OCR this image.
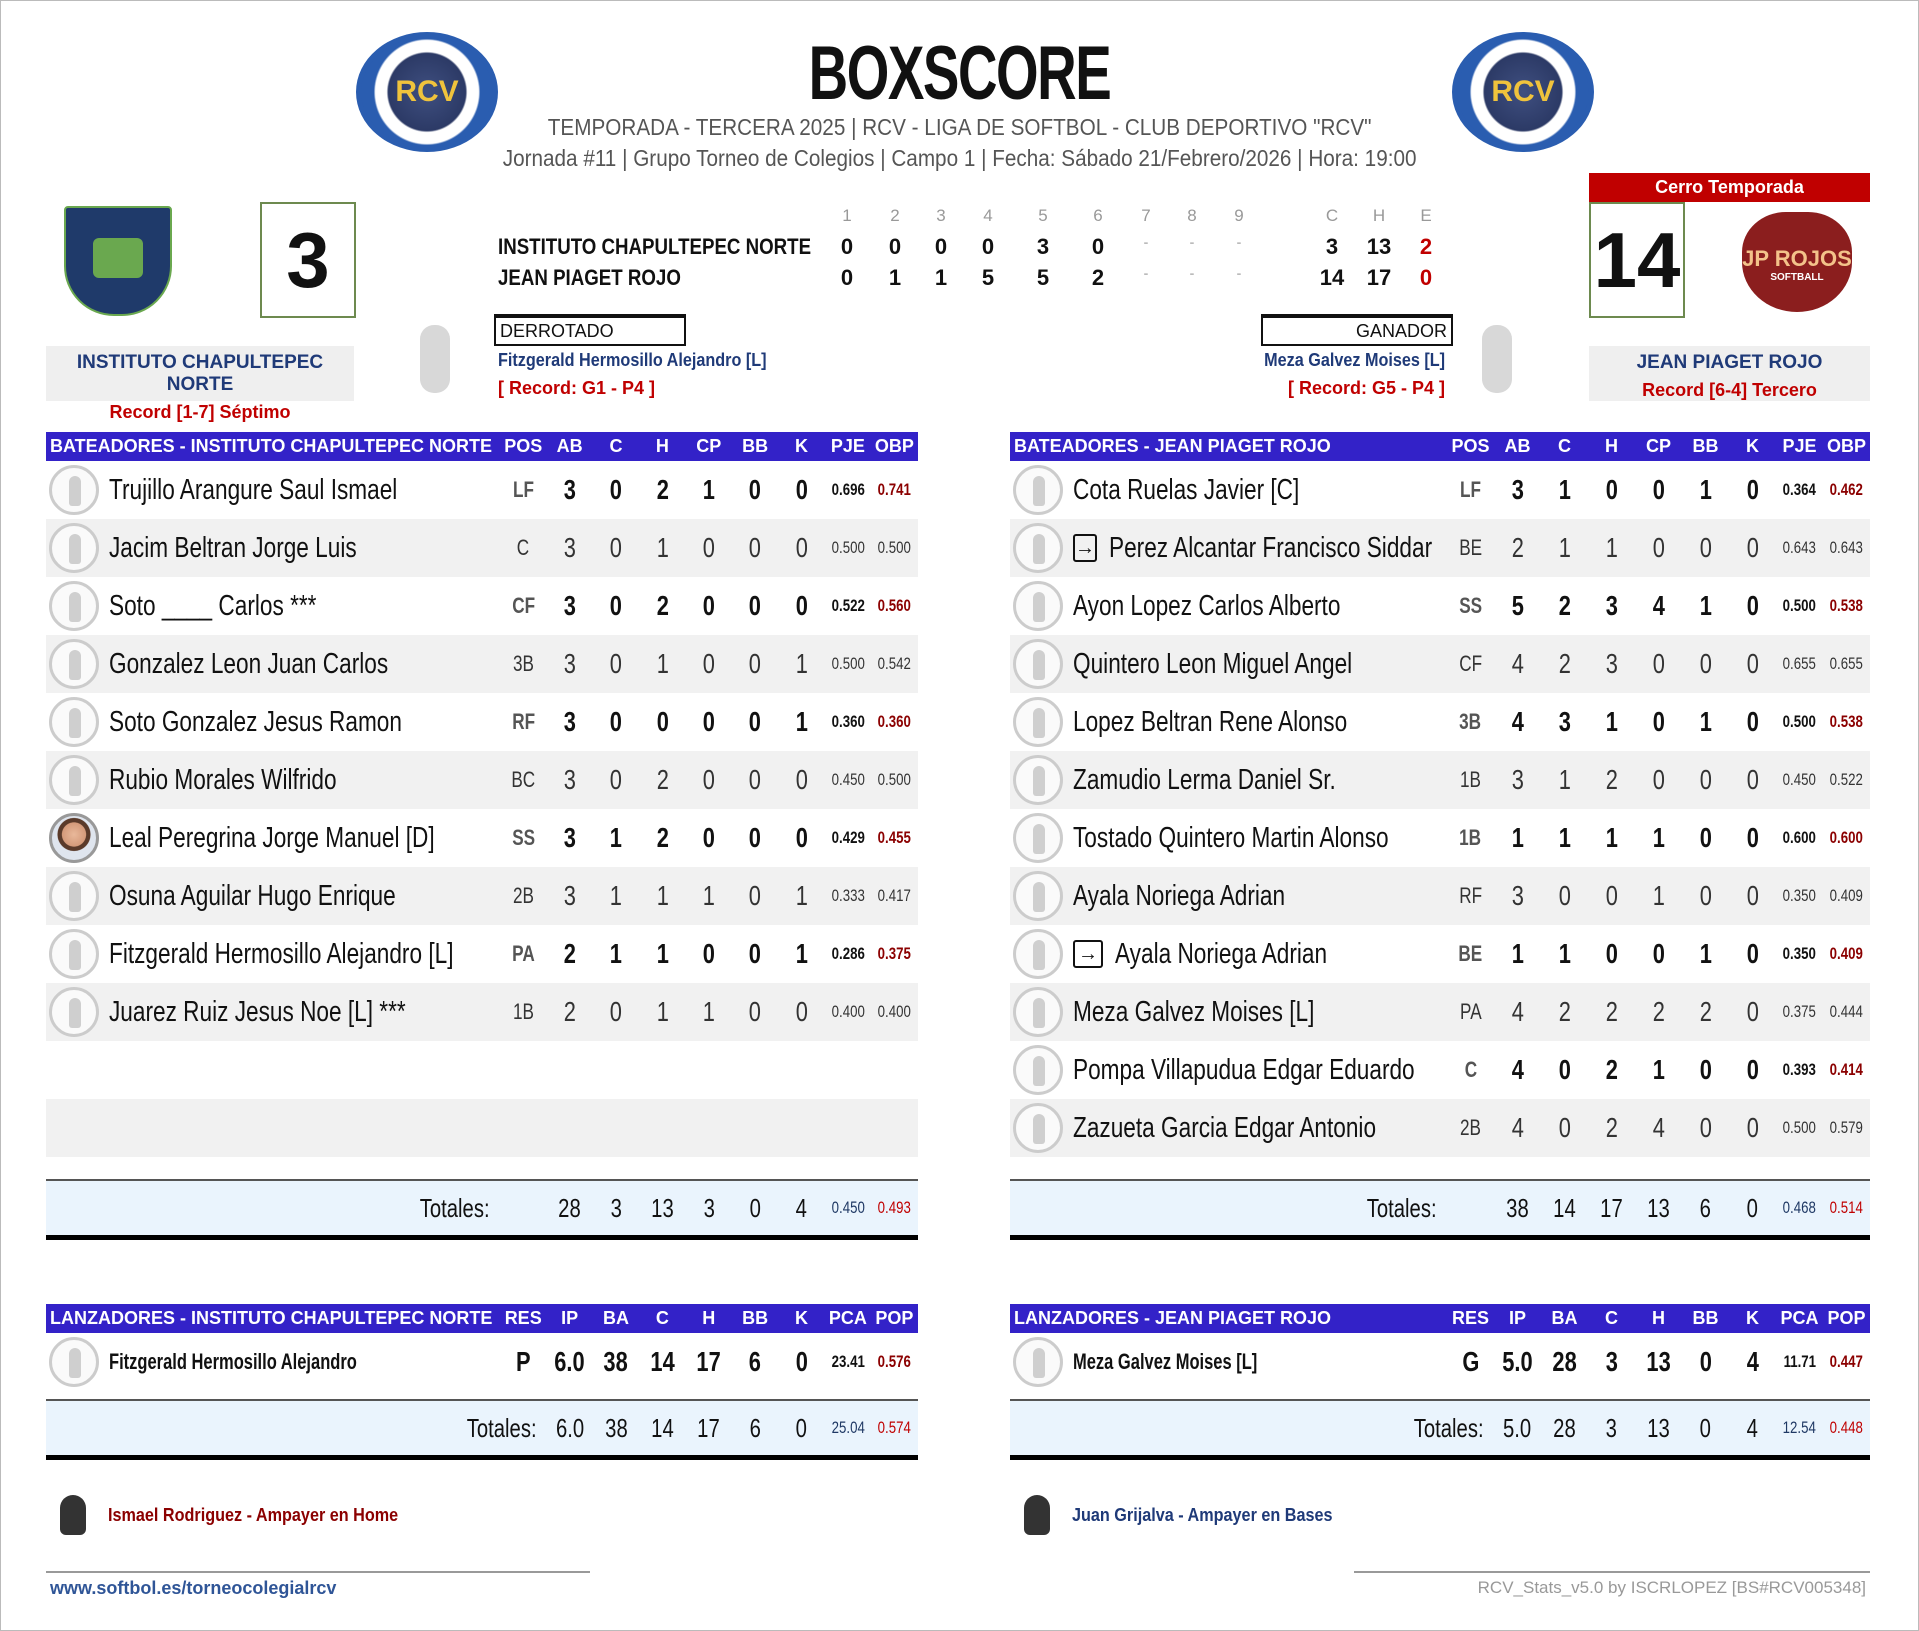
RCV	RCV
BOXSCORE
TEMPORADA - TERCERA 2025 | RCV - LIGA DE SOFTBOL - CLUB DEPORTIVO "RCV"
Jornada #11 | Grupo Torneo de Colegios | Campo 1 | Fecha: Sábado 21/Febrero/2026 | Hora: 19:00
3	1	2	3	4	5	6	7	8	9	C	H	E
INSTITUTO CHAPULTEPEC NORTE	0	0	0	0	3	0	-	-	-	3	13	2
JEAN PIAGET ROJO	0	1	1	5	5	2	-	-	-	14	17	0
Cerro Temporada
14	JP ROJOS
SOFTBALL
INSTITUTO CHAPULTEPEC NORTE
Record [1-7] Séptimo
JEAN PIAGET ROJO
Record [6-4] Tercero
DERROTADO
Fitzgerald Hermosillo Alejandro [L]
[ Record: G1 - P4 ]
GANADOR
Meza Galvez Moises [L]
[ Record: G5 - P4 ]
BATEADORES - INSTITUTO CHAPULTEPEC NORTE POS AB	C	H	CP	BB	K	PJE OBP
Trujillo Arangure Saul Ismael	LF	3	0	2	1	0	0	0.696 0.741
Jacim Beltran Jorge Luis	C	3	0	1	0	0	0	0.500 0.500
Soto ____ Carlos ***	CF	3	0	2	0	0	0	0.522 0.560
Gonzalez Leon Juan Carlos	3B	3	0	1	0	0	1	0.500 0.542
Soto Gonzalez Jesus Ramon	RF	3	0	0	0	0	1	0.360 0.360
Rubio Morales Wilfrido	BC	3	0	2	0	0	0	0.450 0.500
Leal Peregrina Jorge Manuel [D]	SS	3	1	2	0	0	0	0.429 0.455
Osuna Aguilar Hugo Enrique	2B	3	1	1	1	0	1	0.333 0.417
Fitzgerald Hermosillo Alejandro [L]	PA	2	1	1	0	0	1	0.286 0.375
Juarez Ruiz Jesus Noe [L] ***	1B	2	0	1	1	0	0	0.400 0.400
Totales:	28	3	13	3	0	4	0.450 0.493
BATEADORES - JEAN PIAGET ROJO	POS AB	C	H	CP	BB	K	PJE OBP
Cota Ruelas Javier [C]	LF	3	1	0	0	1	0	0.364 0.462
→ Perez Alcantar Francisco Siddar	BE	2	1	1	0	0	0	0.643 0.643
Ayon Lopez Carlos Alberto	SS	5	2	3	4	1	0	0.500 0.538
Quintero Leon Miguel Angel	CF	4	2	3	0	0	0	0.655 0.655
Lopez Beltran Rene Alonso	3B	4	3	1	0	1	0	0.500 0.538
Zamudio Lerma Daniel Sr.	1B	3	1	2	0	0	0	0.450 0.522
Tostado Quintero Martin Alonso	1B	1	1	1	1	0	0	0.600 0.600
Ayala Noriega Adrian	RF	3	0	0	1	0	0	0.350 0.409
→ Ayala Noriega Adrian	BE	1	1	0	0	1	0	0.350 0.409
Meza Galvez Moises [L]	PA	4	2	2	2	2	0	0.375 0.444
Pompa Villapudua Edgar Eduardo	C	4	0	2	1	0	0	0.393 0.414
Zazueta Garcia Edgar Antonio	2B	4	0	2	4	0	0	0.500 0.579
Totales:	38 14 17 13	6	0	0.468 0.514
LANZADORES - INSTITUTO CHAPULTEPEC NORTE RES	IP	BA	C	H	BB	K	PCA POP
Fitzgerald Hermosillo Alejandro	P 6.0 38 14 17	6	0	23.41 0.576
Totales: 6.0 38 14 17	6	0	25.04 0.574
LANZADORES - JEAN PIAGET ROJO	RES	IP	BA	C	H	BB	K	PCA POP
Meza Galvez Moises [L]	G 5.0 28	3	13	0	4	11.71 0.447
Totales: 5.0 28	3	13	0	4	12.54 0.448
Ismael Rodriguez - Ampayer en Home	Juan Grijalva - Ampayer en Bases
www.softbol.es/torneocolegialrcv	RCV_Stats_v5.0 by ISCRLOPEZ [BS#RCV005348]
